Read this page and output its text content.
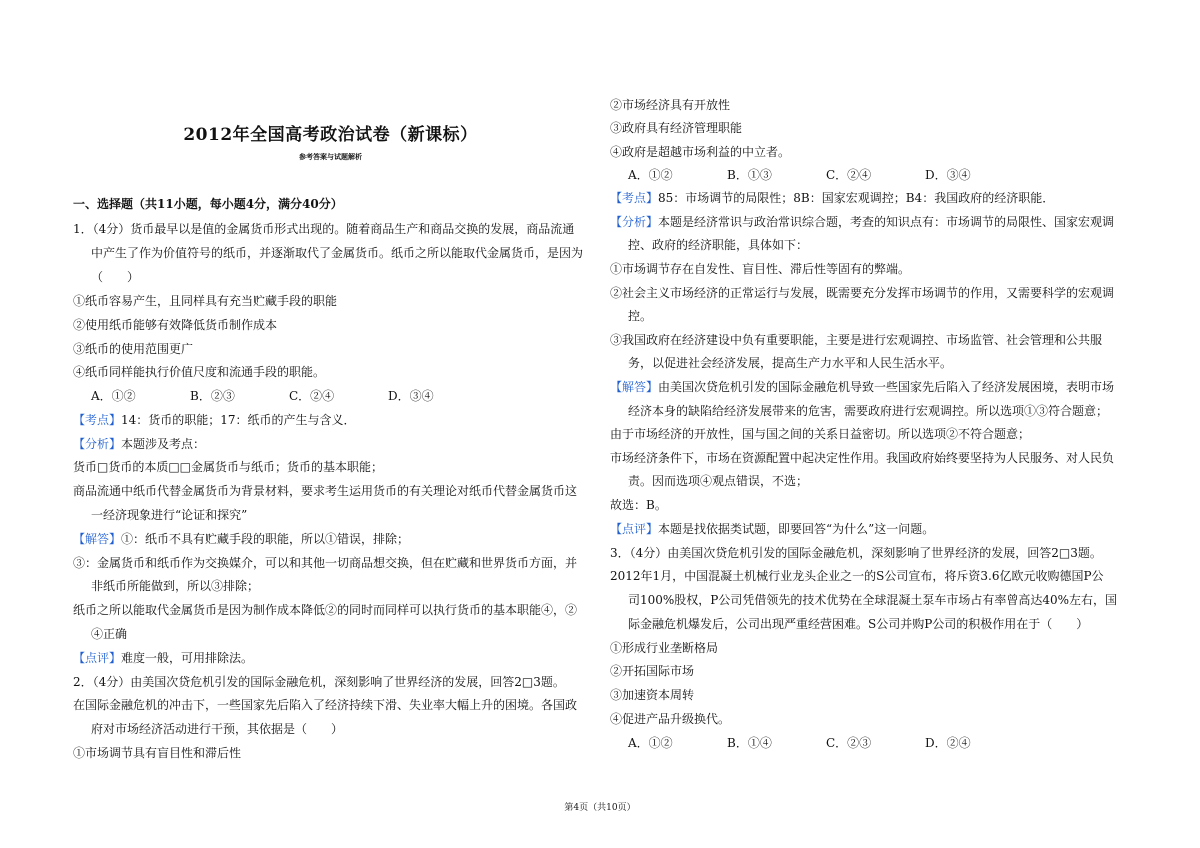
2012年全国高考政治试卷（新课标）
参考答案与试题解析
一、选择题（共11小题，每小题4分，满分40分）
1．（4分）货币最早以是值的金属货币形式出现的。随着商品生产和商品交换的发展，商品流通
中产生了作为价值符号的纸币，并逐渐取代了金属货币。纸币之所以能取代金属货币，是因为
（　　）
①纸币容易产生，且同样具有充当贮藏手段的职能
②使用纸币能够有效降低货币制作成本
③纸币的使用范围更广
④纸币同样能执行价值尺度和流通手段的职能。
A．①②	B．②③	C．②④	D．③④
【考点】14：货币的职能；17：纸币的产生与含义．
【分析】本题涉及考点：
货币□货币的本质□□金属货币与纸币；货币的基本职能；
商品流通中纸币代替金属货币为背景材料，要求考生运用货币的有关理论对纸币代替金属货币这
一经济现象进行“论证和探究”
【解答】①：纸币不具有贮藏手段的职能，所以①错误，排除；
③：金属货币和纸币作为交换媒介，可以和其他一切商品想交换，但在贮藏和世界货币方面，并
非纸币所能做到，所以③排除；
纸币之所以能取代金属货币是因为制作成本降低②的同时而同样可以执行货币的基本职能④，②
④正确
【点评】难度一般，可用排除法。
2．（4分）由美国次贷危机引发的国际金融危机，深刻影响了世界经济的发展，回答2□3题。
在国际金融危机的冲击下，一些国家先后陷入了经济持续下滑、失业率大幅上升的困境。各国政
府对市场经济活动进行干预，其依据是（　　）
①市场调节具有盲目性和滞后性
②市场经济具有开放性
③政府具有经济管理职能
④政府是超越市场利益的中立者。
A．①②	B．①③	C．②④	D．③④
【考点】85：市场调节的局限性；8B：国家宏观调控；B4：我国政府的经济职能．
【分析】本题是经济常识与政治常识综合题，考查的知识点有：市场调节的局限性、国家宏观调
控、政府的经济职能，具体如下：
①市场调节存在自发性、盲目性、滞后性等固有的弊端。
②社会主义市场经济的正常运行与发展，既需要充分发挥市场调节的作用，又需要科学的宏观调
控。
③我国政府在经济建设中负有重要职能，主要是进行宏观调控、市场监管、社会管理和公共服
务，以促进社会经济发展，提高生产力水平和人民生活水平。
【解答】由美国次贷危机引发的国际金融危机导致一些国家先后陷入了经济发展困境，表明市场
经济本身的缺陷给经济发展带来的危害，需要政府进行宏观调控。所以选项①③符合题意；
由于市场经济的开放性，国与国之间的关系日益密切。所以选项②不符合题意；
市场经济条件下，市场在资源配置中起决定性作用。我国政府始终要坚持为人民服务、对人民负
责。因而选项④观点错误，不选；
故选：B。
【点评】本题是找依据类试题，即要回答“为什么”这一问题。
3．（4分）由美国次贷危机引发的国际金融危机，深刻影响了世界经济的发展，回答2□3题。
2012年1月，中国混凝土机械行业龙头企业之一的S公司宣布，将斥资3.6亿欧元收购德国P公
司100%股权，P公司凭借领先的技术优势在全球混凝土泵车市场占有率曾高达40%左右，国
际金融危机爆发后，公司出现严重经营困难。S公司并购P公司的积极作用在于（　　）
①形成行业垄断格局
②开拓国际市场
③加速资本周转
④促进产品升级换代。
A．①②	B．①④	C．②③	D．②④
第4页（共10页）
